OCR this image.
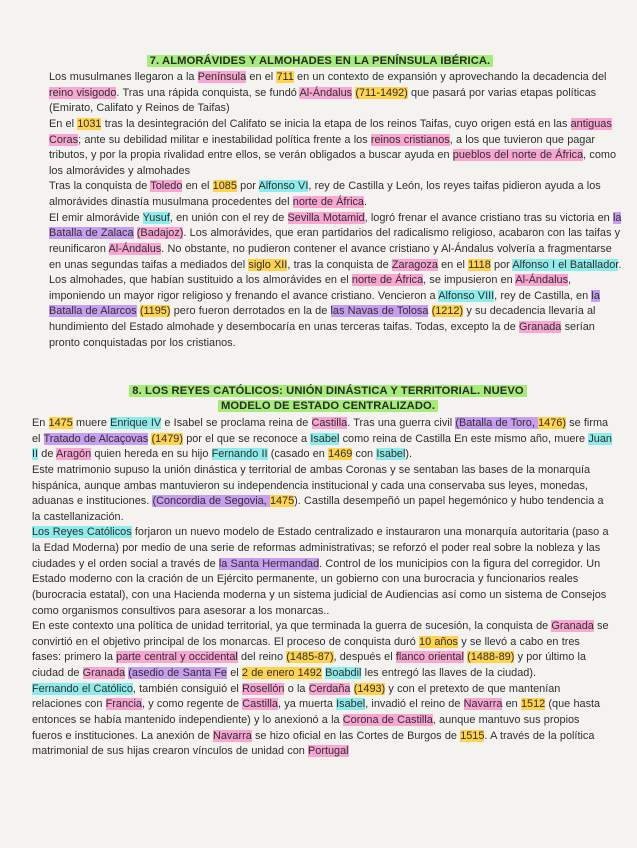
7. ALMORÁVIDES Y ALMOHADES EN LA PENÍNSULA IBÉRICA.

Los musulmanes llegaron a la Península en el 711 en un contexto de expansión y aprovechando la decadencia del reino visigodo. Tras una rápida conquista, se fundó Al-Ándalus (711-1492) que pasará por varias etapas políticas (Emirato, Califato y Reinos de Taifas)

En el 1031 tras la desintegración del Califato se inicia la etapa de los reinos Taifas, cuyo origen está en las antiguas Coras; ante su debilidad militar e inestabilidad política frente a los reinos cristianos, a los que tuvieron que pagar tributos, y por la propia rivalidad entre ellos, se verán obligados a buscar ayuda en pueblos del norte de África, como los almorávides y almohades

Tras la conquista de Toledo en el 1085 por Alfonso VI, rey de Castilla y León, los reyes taifas pidieron ayuda a los almorávides dinastía musulmana procedentes del norte de África.

El emir almorávide Yusuf, en unión con el rey de Sevilla Motamid, logró frenar el avance cristiano tras su victoria en la Batalla de Zalaca (Badajoz). Los almorávides, que eran partidarios del radicalismo religioso, acabaron con las taifas y reunificaron Al-Ándalus. No obstante, no pudieron contener el avance cristiano y Al-Ándalus volvería a fragmentarse en unas segundas taifas a mediados del siglo XII, tras la conquista de Zaragoza en el 1118 por Alfonso I el Batallador.

Los almohades, que habían sustituido a los almorávides en el norte de África, se impusieron en Al-Ándalus, imponiendo un mayor rigor religioso y frenando el avance cristiano. Vencieron a Alfonso VIII, rey de Castilla, en la Batalla de Alarcos (1195) pero fueron derrotados en la de las Navas de Tolosa (1212) y su decadencia llevaría al hundimiento del Estado almohade y desembocaría en unas terceras taifas. Todas, excepto la de Granada serían pronto conquistadas por los cristianos.

8. LOS REYES CATÓLICOS: UNIÓN DINÁSTICA Y TERRITORIAL. NUEVO
MODELO DE ESTADO CENTRALIZADO.

En 1475 muere Enrique IV e Isabel se proclama reina de Castilla. Tras una guerra civil (Batalla de Toro, 1476) se firma el Tratado de Alcaçovas (1479) por el que se reconoce a Isabel como reina de Castilla En este mismo año, muere Juan II de Aragón quien hereda en su hijo Fernando II (casado en 1469 con Isabel).

Este matrimonio supuso la unión dinástica y territorial de ambas Coronas y se sentaban las bases de la monarquía hispánica, aunque ambas mantuvieron su independencia institucional y cada una conservaba sus leyes, monedas, aduanas e instituciones. (Concordia de Segovia, 1475). Castilla desempeñó un papel hegemónico y hubo tendencia a la castellanización.

Los Reyes Católicos forjaron un nuevo modelo de Estado centralizado e instauraron una monarquía autoritaria (paso a la Edad Moderna) por medio de una serie de reformas administrativas; se reforzó el poder real sobre la nobleza y las ciudades y el orden social a través de la Santa Hermandad. Control de los municipios con la figura del corregidor. Un Estado moderno con la cración de un Ejército permanente, un gobierno con una burocracia y funcionarios reales (burocracia estatal), con una Hacienda moderna y un sistema judicial de Audiencias así como un sistema de Consejos como organismos consultivos para asesorar a los monarcas..

En este contexto una política de unidad territorial, ya que terminada la guerra de sucesión, la conquista de Granada se convirtió en el objetivo principal de los monarcas. El proceso de conquista duró 10 años y se llevó a cabo en tres fases: primero la parte central y occidental del reino (1485-87), después el flanco oriental (1488-89) y por último la ciudad de Granada (asedio de Santa Fe el 2 de enero 1492 Boabdil les entregó las llaves de la ciudad).

Fernando el Católico, también consiguió el Rosellón o la Cerdaña (1493) y con el pretexto de que mantenían relaciones con Francia, y como regente de Castilla, ya muerta Isabel, invadió el reino de Navarra en 1512 (que hasta entonces se había mantenido independiente) y lo anexionó a la Corona de Castilla, aunque mantuvo sus propios fueros e instituciones. La anexión de Navarra se hizo oficial en las Cortes de Burgos de 1515. A través de la política matrimonial de sus hijas crearon vínculos de unidad con Portugal
